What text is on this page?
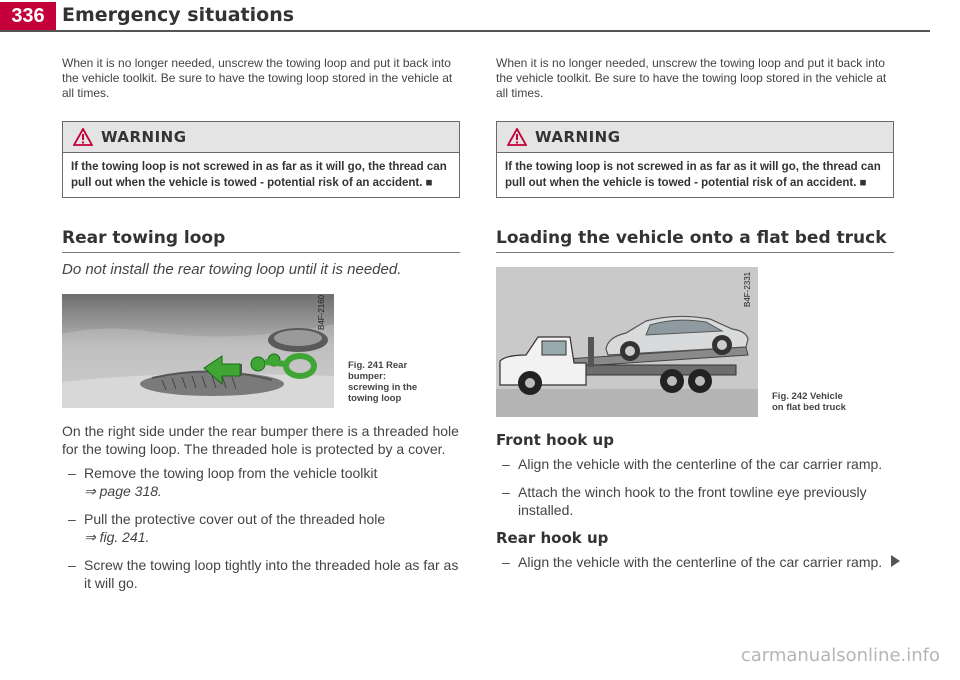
336 Emergency situations

When it is no longer needed, unscrew the towing loop and put it back into the vehicle toolkit. Be sure to have the towing loop stored in the vehicle at all times.

WARNING
If the towing loop is not screwed in as far as it will go, the thread can pull out when the vehicle is towed - potential risk of an accident. ■
Rear towing loop
Do not install the rear towing loop until it is needed.
B4F-2160
Fig. 241 Rear bumper: screwing in the towing loop

On the right side under the rear bumper there is a threaded hole for the towing loop. The threaded hole is protected by a cover.

– Remove the towing loop from the vehicle toolkit
⇒ page 318.
– Pull the protective cover out of the threaded hole
⇒ fig. 241.
– Screw the towing loop tightly into the threaded hole as far as it will go.

When it is no longer needed, unscrew the towing loop and put it back into the vehicle toolkit. Be sure to have the towing loop stored in the vehicle at all times.

WARNING
If the towing loop is not screwed in as far as it will go, the thread can pull out when the vehicle is towed - potential risk of an accident. ■
Loading the vehicle onto a flat bed truck
B4F-2331
Fig. 242 Vehicle on flat bed truck
Front hook up
– Align the vehicle with the centerline of the car carrier ramp.
– Attach the winch hook to the front towline eye previously installed.
Rear hook up
– Align the vehicle with the centerline of the car carrier ramp.
carmanualsonline.info
